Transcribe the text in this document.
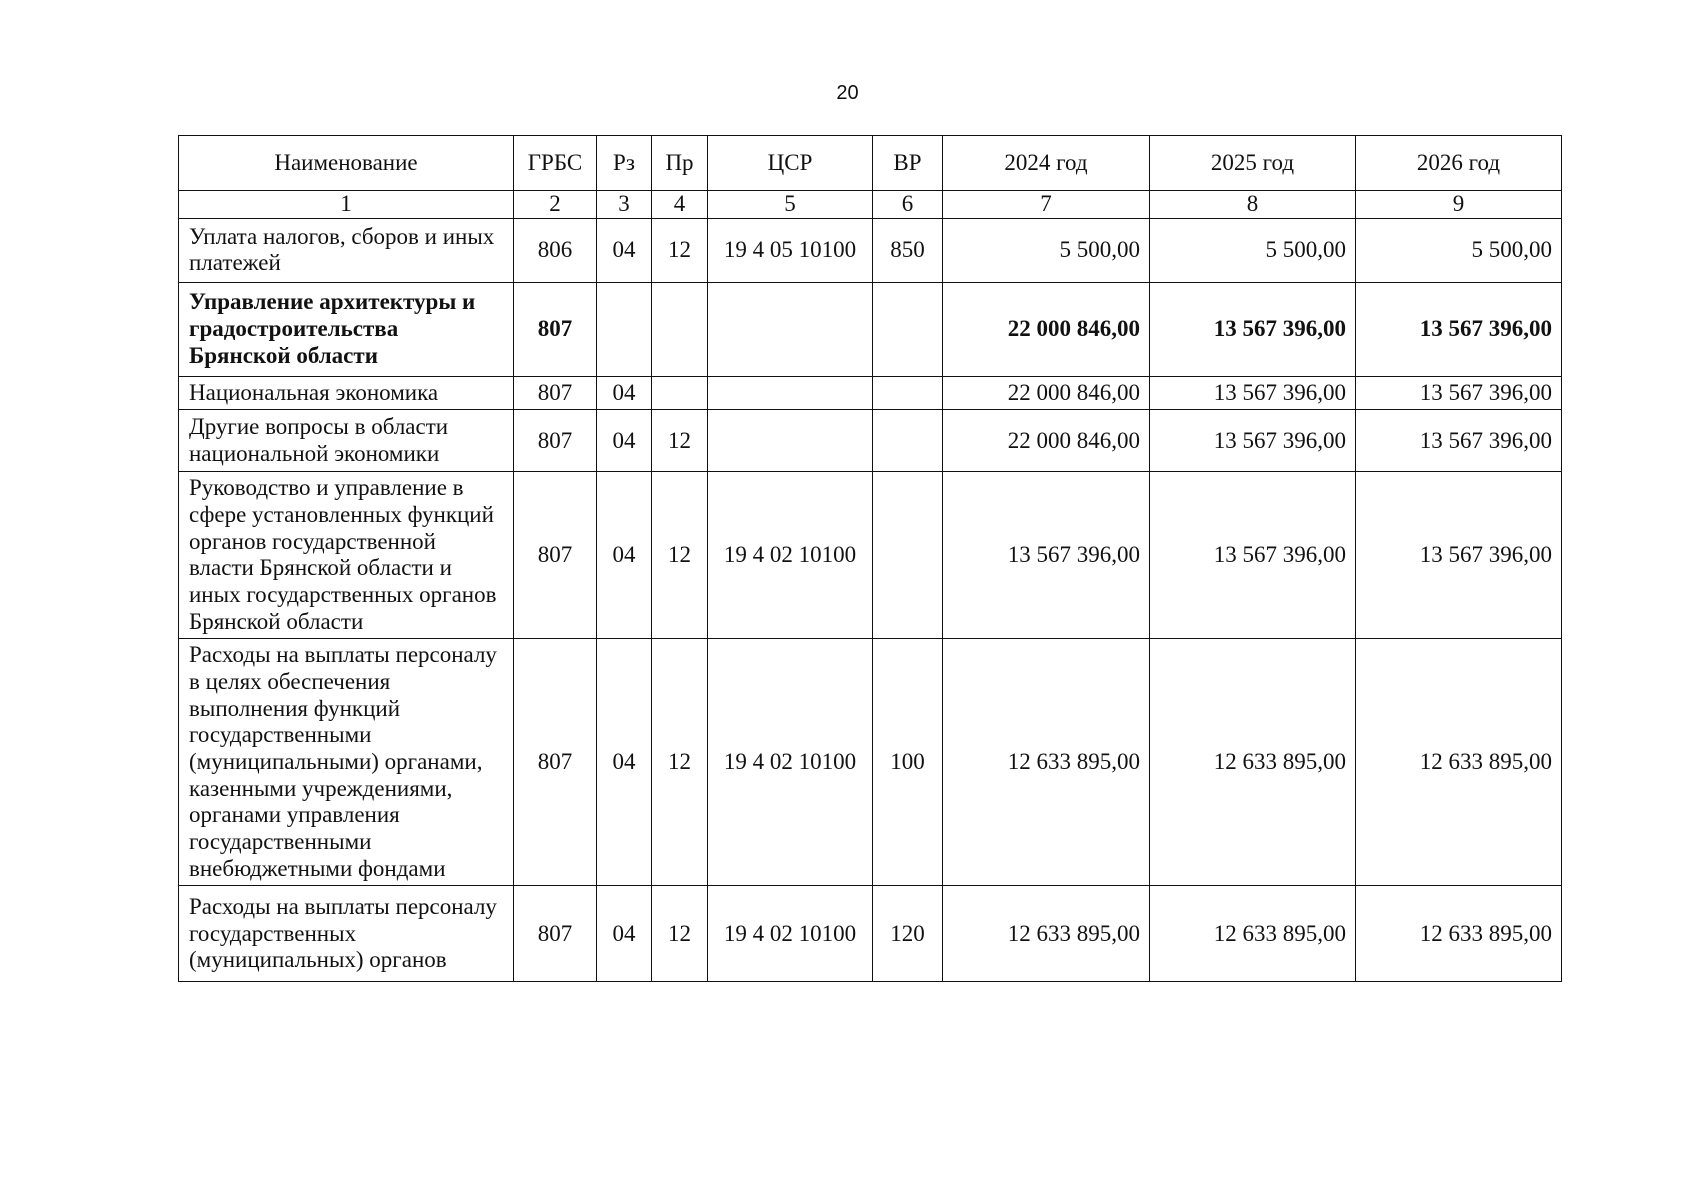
20
Наименование	ГРБС	Рз	Пр	ЦСР	ВР	2024 год	2025 год	2026 год
1	2	3	4	5	6	7	8	9
Уплата налогов, сборов и иных платежей	806	04	12	19 4 05 10100	850	5 500,00	5 500,00	5 500,00
Управление архитектуры и градостроительства Брянской области	807					22 000 846,00	13 567 396,00	13 567 396,00
Национальная экономика	807	04				22 000 846,00	13 567 396,00	13 567 396,00
Другие вопросы в области национальной экономики	807	04	12			22 000 846,00	13 567 396,00	13 567 396,00
Руководство и управление в сфере установленных функций органов государственной власти Брянской области и иных государственных органов Брянской области	807	04	12	19 4 02 10100		13 567 396,00	13 567 396,00	13 567 396,00
Расходы на выплаты персоналу в целях обеспечения выполнения функций государственными (муниципальными) органами, казенными учреждениями, органами управления государственными внебюджетными фондами	807	04	12	19 4 02 10100	100	12 633 895,00	12 633 895,00	12 633 895,00
Расходы на выплаты персоналу государственных (муниципальных) органов	807	04	12	19 4 02 10100	120	12 633 895,00	12 633 895,00	12 633 895,00
